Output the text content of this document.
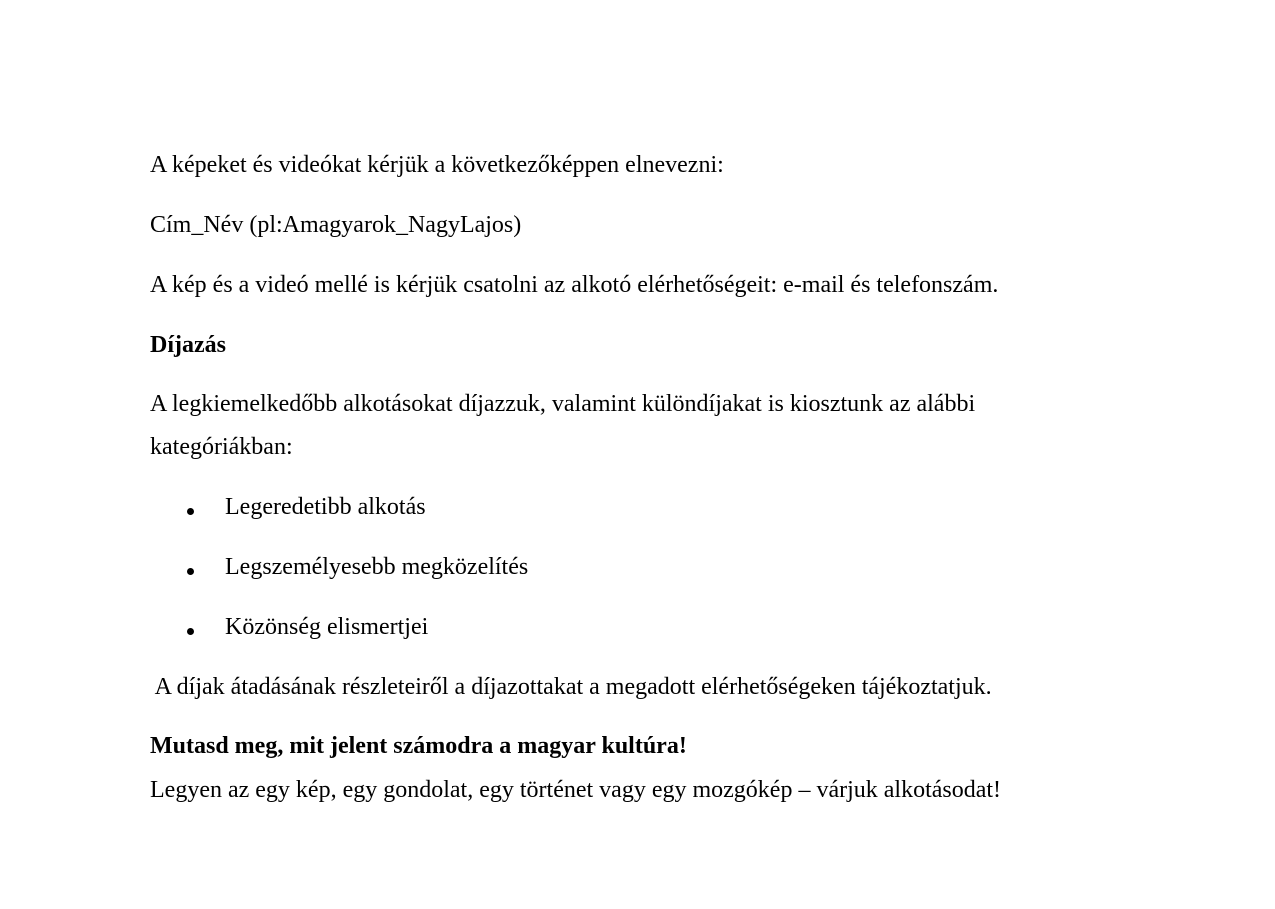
A képeket és videókat kérjük a következőképpen elnevezni:
Cím_Név (pl:Amagyarok_NagyLajos)
A kép és a videó mellé is kérjük csatolni az alkotó elérhetőségeit: e-mail és telefonszám.
Díjazás
A legkiemelkedőbb alkotásokat díjazzuk, valamint különdíjakat is kiosztunk az alábbi
kategóriákban:
Legeredetibb alkotás
Legszemélyesebb megközelítés
Közönség elismertjei
A díjak átadásának részleteiről a díjazottakat a megadott elérhetőségeken tájékoztatjuk.
Mutasd meg, mit jelent számodra a magyar kultúra!
Legyen az egy kép, egy gondolat, egy történet vagy egy mozgókép – várjuk alkotásodat!
